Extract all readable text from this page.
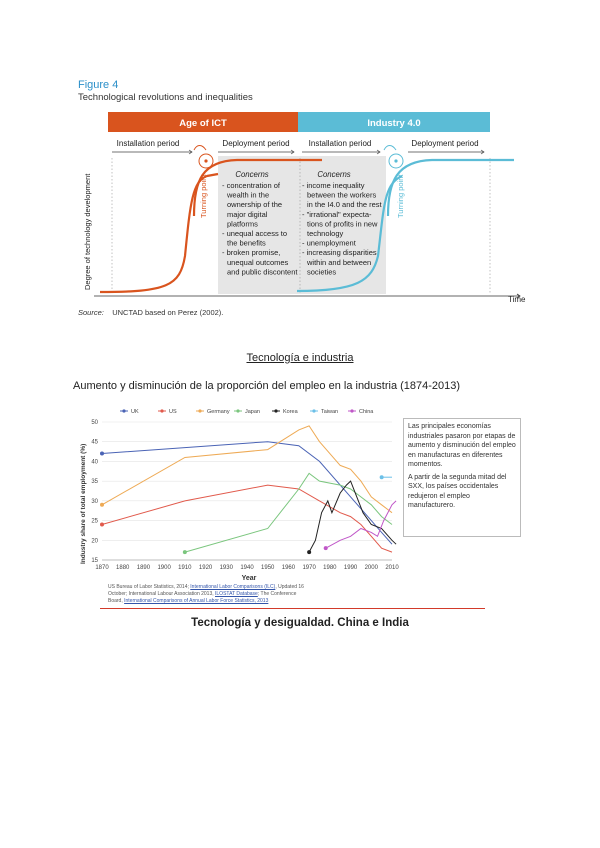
Figure 4
Technological revolutions and inequalities
Age of ICT	Industry 4.0
Installation period	Deployment period Installation period	Deployment period
Time
Degree of technology development	Turning point	Turning point
Concerns
- concentration of
wealth in the
ownership of the
major digital
platforms
- unequal access to
the benefits
- broken promise,
unequal outcomes
and public discontent
Concerns
- income inequality
between the workers
in the I4.0 and the rest
- "irrational" expecta-
tions of profits in new
technology
- unemployment
- increasing disparities
within and between
societies
Source: UNCTAD based on Perez (2002).
Tecnología e industria
Aumento y disminución de la proporción del empleo en la industria (1874-2013)
UK	US	Germany	Japan	Korea	Taiwan	China
15
20
25
30
35
40
45
50
1870 1880 1890 1900 1910 1920 1930 1940 1950 1960 1970 1980 1990 2000 2010
Year
Industry share of total employment (%)

Las principales economías industriales pasaron por etapas de aumento y disminución del empleo en manufacturas en diferentes momentos.

A partir de la segunda mitad del SXX, los países occidentales redujeron el empleo manufacturero.

US Bureau of Labor Statistics, 2014; International Labor Comparisons (ILC), Updated 16
October; International Labour Association 2013, ILOSTAT Database; The Conference
Board, International Comparisons of Annual Labor Force Statistics, 2013
Tecnología y desigualdad. China e India
